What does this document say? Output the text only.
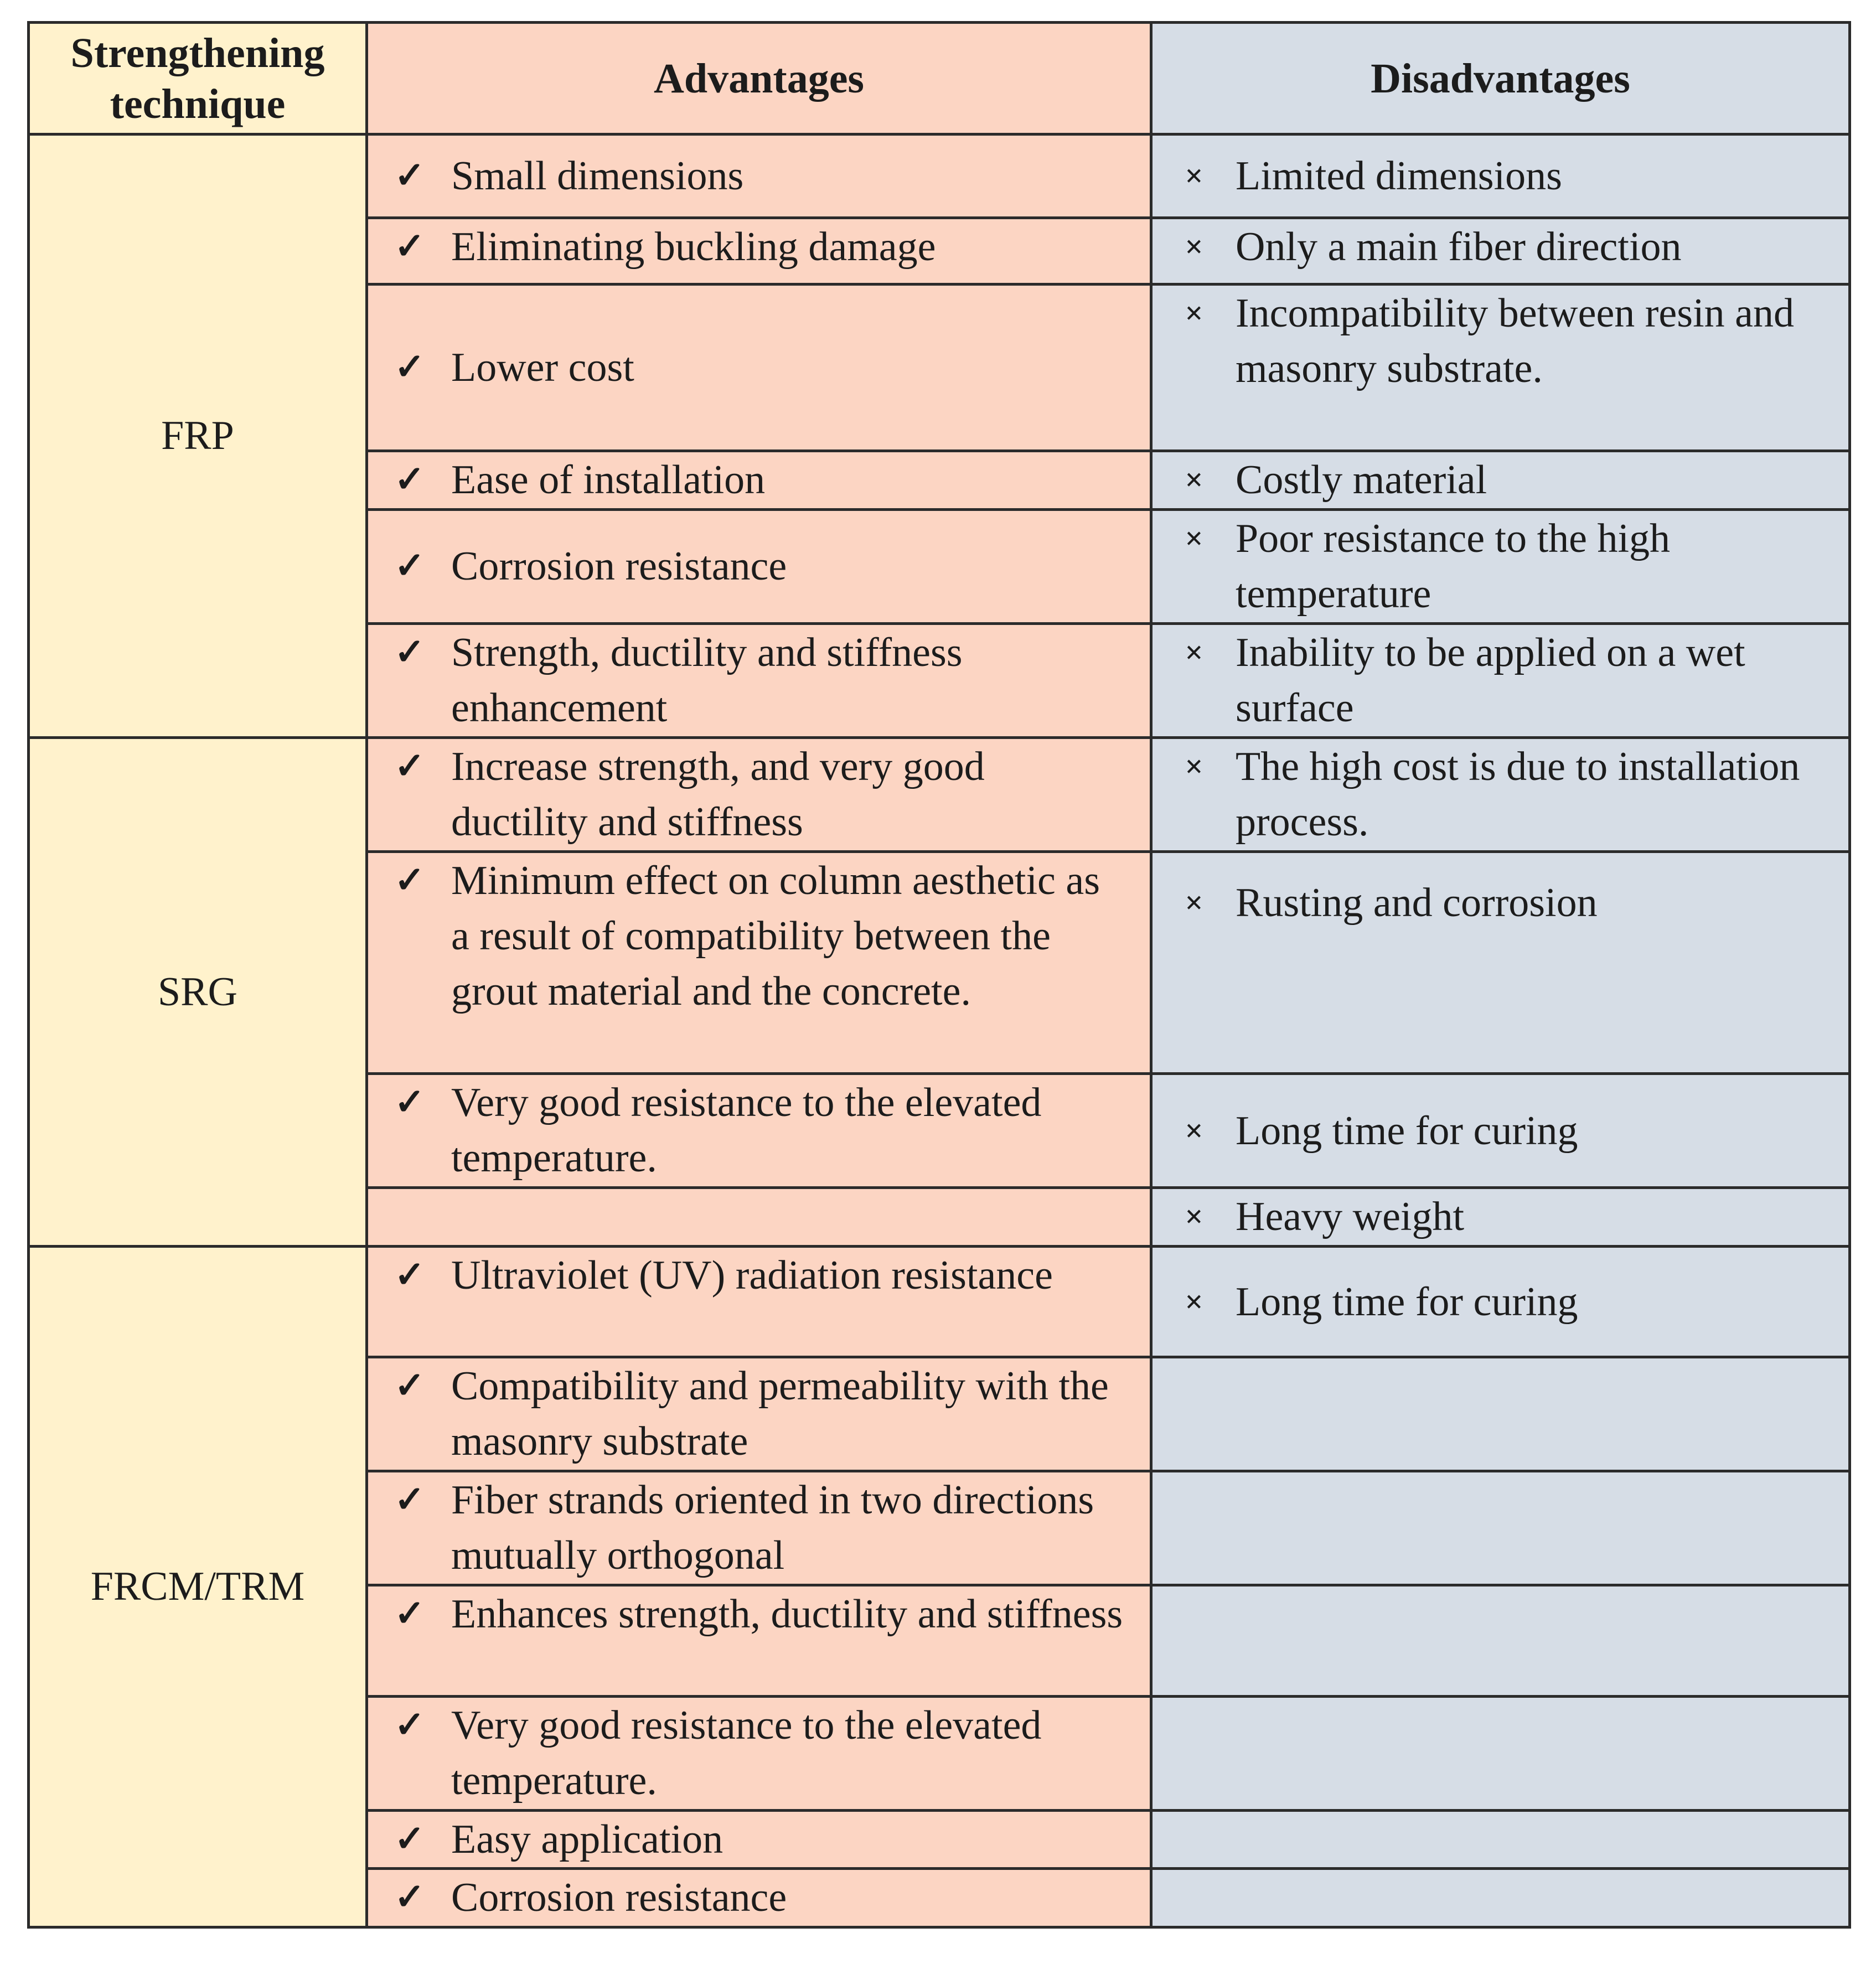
Strengthening technique	Advantages	Disadvantages
FRP	✓ Small dimensions	× Limited dimensions

	✓ Eliminating buckling damage	× Only a main fiber direction

	✓ Lower cost	× Incompatibility between resin and masonry substrate.

	✓ Ease of installation	× Costly material

	✓ Corrosion resistance	× Poor resistance to the high temperature

	✓ Strength, ductility and stiffness enhancement	× Inability to be applied on a wet surface

SRG	✓ Increase strength, and very good ductility and stiffness	× The high cost is due to installation process.

	✓ Minimum effect on column aesthetic as a result of compatibility between the grout material and the concrete.	× Rusting and corrosion

	✓ Very good resistance to the elevated temperature.	× Long time for curing

		× Heavy weight

FRCM/TRM	✓ Ultraviolet (UV) radiation resistance	× Long time for curing

	✓ Compatibility and permeability with the masonry substrate	

	✓ Fiber strands oriented in two directions mutually orthogonal	

	✓ Enhances strength, ductility and stiffness	

	✓ Very good resistance to the elevated temperature.	

	✓ Easy application	

	✓ Corrosion resistance	
